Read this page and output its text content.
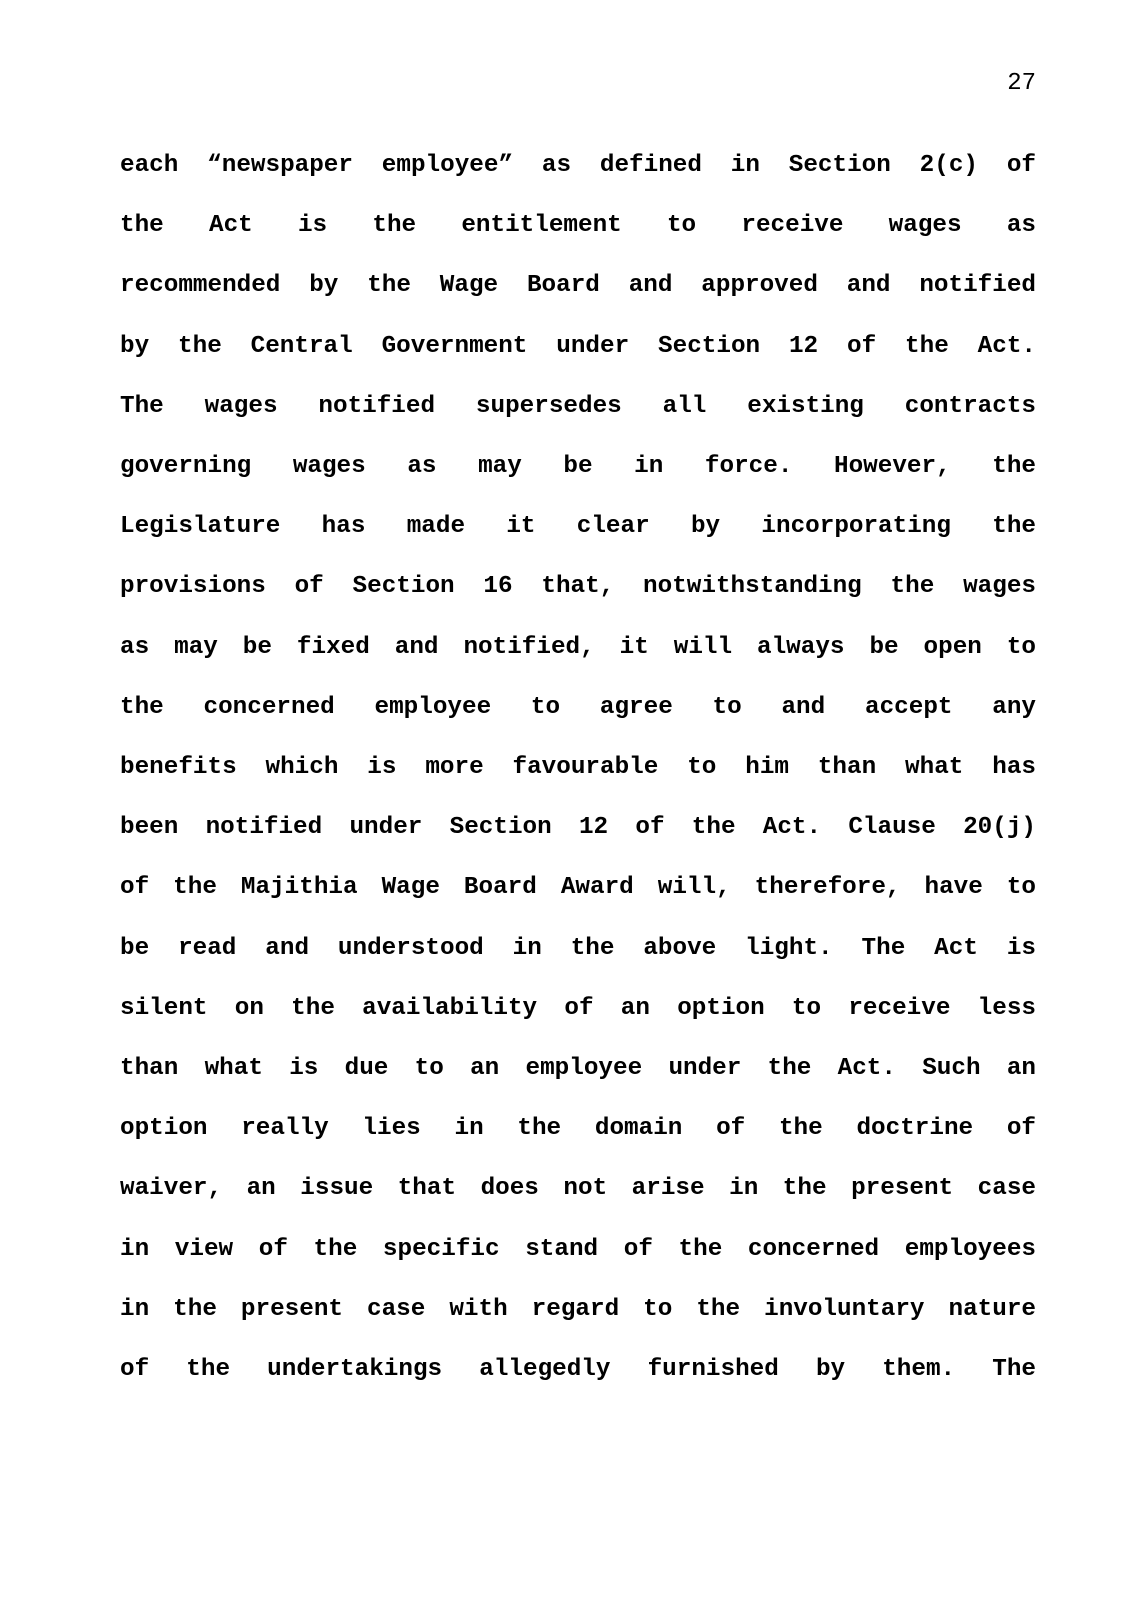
27
each “newspaper employee” as defined in Section 2(c) of
the Act is the entitlement to receive wages as
recommended by the Wage Board and approved and notified
by the Central Government under Section 12 of the Act.
The wages notified supersedes all existing contracts
governing wages as may be in force. However, the
Legislature has made it clear by incorporating the
provisions of Section 16 that, notwithstanding the wages
as may be fixed and notified, it will always be open to
the concerned employee to agree to and accept any
benefits which is more favourable to him than what has
been notified under Section 12 of the Act. Clause 20(j)
of the Majithia Wage Board Award will, therefore, have to
be read and understood in the above light. The Act is
silent on the availability of an option to receive less
than what is due to an employee under the Act. Such an
option really lies in the domain of the doctrine of
waiver, an issue that does not arise in the present case
in view of the specific stand of the concerned employees
in the present case with regard to the involuntary nature
of the undertakings allegedly furnished by them. The
